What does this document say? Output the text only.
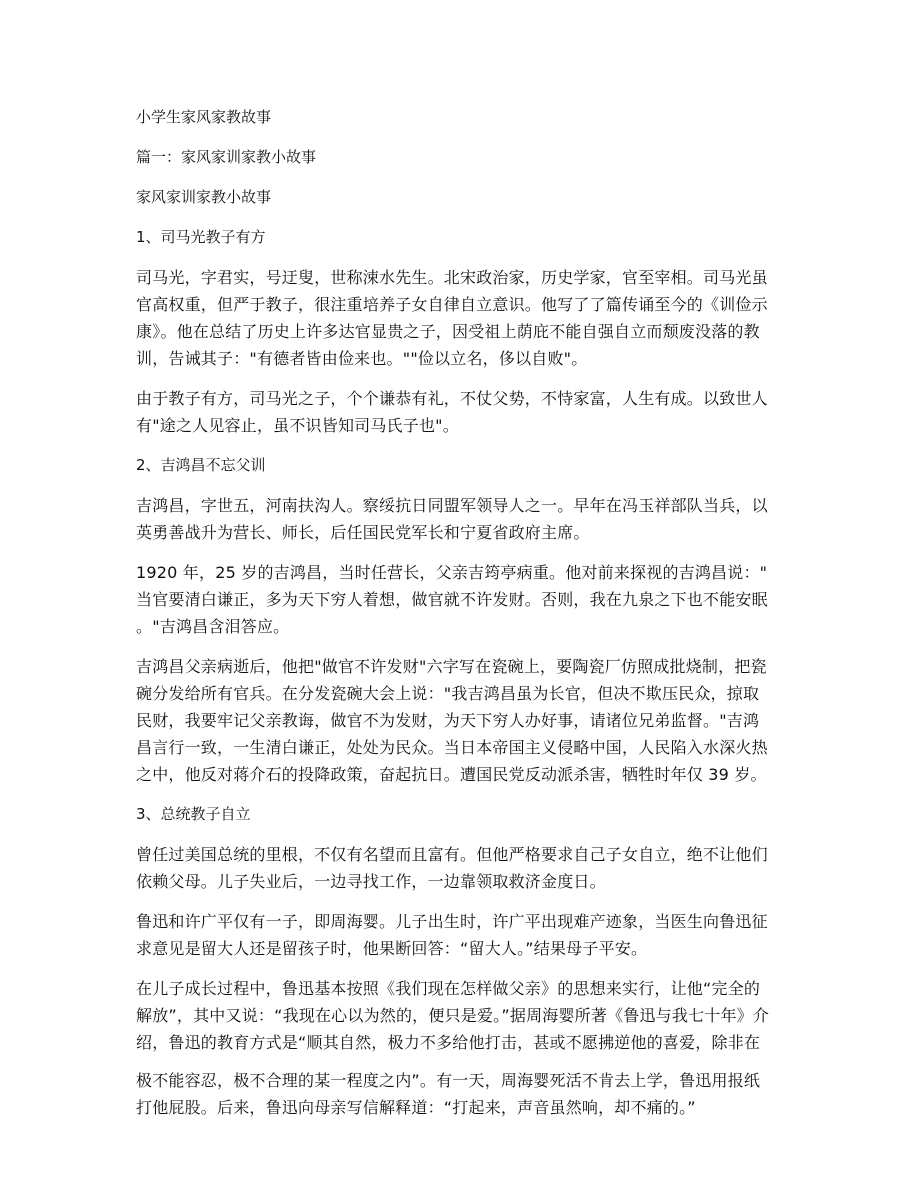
小学生家风家教故事

篇一：家风家训家教小故事

家风家训家教小故事

1、司马光教子有方

司马光，字君实，号迂叟，世称涑水先生。北宋政治家，历史学家，官至宰相。司马光虽
官高权重，但严于教子，很注重培养子女自律自立意识。他写了了篇传诵至今的《训俭示
康》。他在总结了历史上许多达官显贵之子，因受祖上荫庇不能自强自立而颓废没落的教
训，告诫其子："有德者皆由俭来也。""俭以立名，侈以自败"。
由于教子有方，司马光之子，个个谦恭有礼，不仗父势，不恃家富，人生有成。以致世人
有"途之人见容止，虽不识皆知司马氏子也"。

2、吉鸿昌不忘父训

吉鸿昌，字世五，河南扶沟人。察绥抗日同盟军领导人之一。早年在冯玉祥部队当兵，以
英勇善战升为营长、师长，后任国民党军长和宁夏省政府主席。
1920 年，25 岁的吉鸿昌，当时任营长，父亲吉筠亭病重。他对前来探视的吉鸿昌说："
当官要清白谦正，多为天下穷人着想，做官就不许发财。否则，我在九泉之下也不能安眠
。"吉鸿昌含泪答应。
吉鸿昌父亲病逝后，他把"做官不许发财"六字写在瓷碗上，要陶瓷厂仿照成批烧制，把瓷
碗分发给所有官兵。在分发瓷碗大会上说："我吉鸿昌虽为长官，但决不欺压民众，掠取
民财，我要牢记父亲教诲，做官不为发财，为天下穷人办好事，请诸位兄弟监督。"吉鸿
昌言行一致，一生清白谦正，处处为民众。当日本帝国主义侵略中国，人民陷入水深火热
之中，他反对蒋介石的投降政策，奋起抗日。遭国民党反动派杀害，牺牲时年仅 39 岁。

3、总统教子自立

曾任过美国总统的里根，不仅有名望而且富有。但他严格要求自己子女自立，绝不让他们
依赖父母。儿子失业后，一边寻找工作，一边靠领取救济金度日。
鲁迅和许广平仅有一子，即周海婴。儿子出生时，许广平出现难产迹象，当医生向鲁迅征
求意见是留大人还是留孩子时，他果断回答：“留大人。”结果母子平安。
在儿子成长过程中，鲁迅基本按照《我们现在怎样做父亲》的思想来实行，让他“完全的
解放”，其中又说：“我现在心以为然的，便只是爱。”据周海婴所著《鲁迅与我七十年》介
绍，鲁迅的教育方式是“顺其自然，极力不多给他打击，甚或不愿拂逆他的喜爱，除非在
极不能容忍，极不合理的某一程度之内”。有一天，周海婴死活不肯去上学，鲁迅用报纸
打他屁股。后来，鲁迅向母亲写信解释道：“打起来，声音虽然响，却不痛的。”
